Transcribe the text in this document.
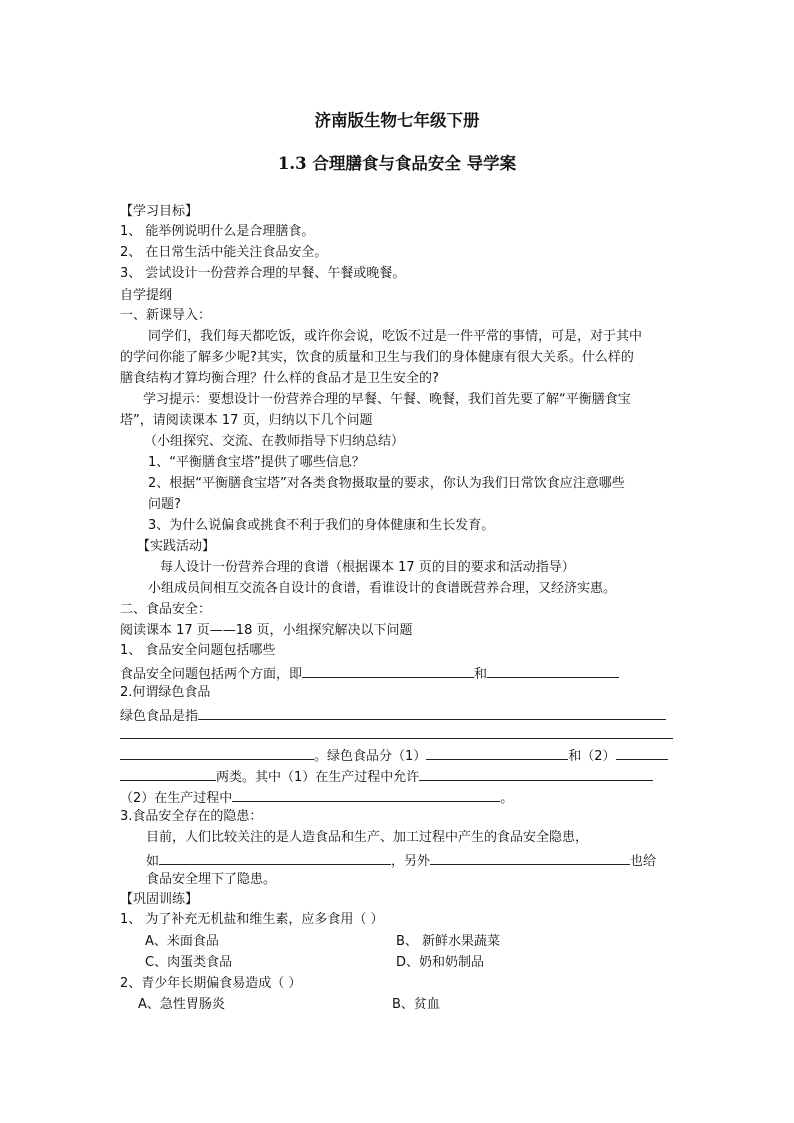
济南版生物七年级下册
1.3 合理膳食与食品安全 导学案
【学习目标】
1、 能举例说明什么是合理膳食。
2、 在日常生活中能关注食品安全。
3、 尝试设计一份营养合理的早餐、午餐或晚餐。
自学提纲
一、新课导入：
同学们，我们每天都吃饭，或许你会说，吃饭不过是一件平常的事情，可是，对于其中
的学问你能了解多少呢?其实，饮食的质量和卫生与我们的身体健康有很大关系。什么样的
膳食结构才算均衡合理？什么样的食品才是卫生安全的?
学习提示：要想设计一份营养合理的早餐、午餐、晚餐，我们首先要了解“平衡膳食宝
塔”，请阅读课本 17 页，归纳以下几个问题
（小组探究、交流、在教师指导下归纳总结）
1、“平衡膳食宝塔”提供了哪些信息？
2、根据“平衡膳食宝塔”对各类食物摄取量的要求，你认为我们日常饮食应注意哪些
问题?
3、为什么说偏食或挑食不利于我们的身体健康和生长发育。
【实践活动】
每人设计一份营养合理的食谱（根据课本 17 页的目的要求和活动指导）
小组成员间相互交流各自设计的食谱，看谁设计的食谱既营养合理，又经济实惠。
二、食品安全：
阅读课本 17 页——18 页，小组探究解决以下问题
1、 食品安全问题包括哪些
食品安全问题包括两个方面，即	和
2.何谓绿色食品
绿色食品是指
。绿色食品分（1）	和（2）
两类。其中（1）在生产过程中允许
（2）在生产过程中	。
3.食品安全存在的隐患：
目前，人们比较关注的是人造食品和生产、加工过程中产生的食品安全隐患，
如	，另外	也给
食品安全埋下了隐患。
【巩固训练】
1、 为了补充无机盐和维生素，应多食用（ ）
A、米面食品	B、 新鲜水果蔬菜
C、肉蛋类食品	D、奶和奶制品
2、青少年长期偏食易造成（ ）
A、急性胃肠炎	B、贫血
